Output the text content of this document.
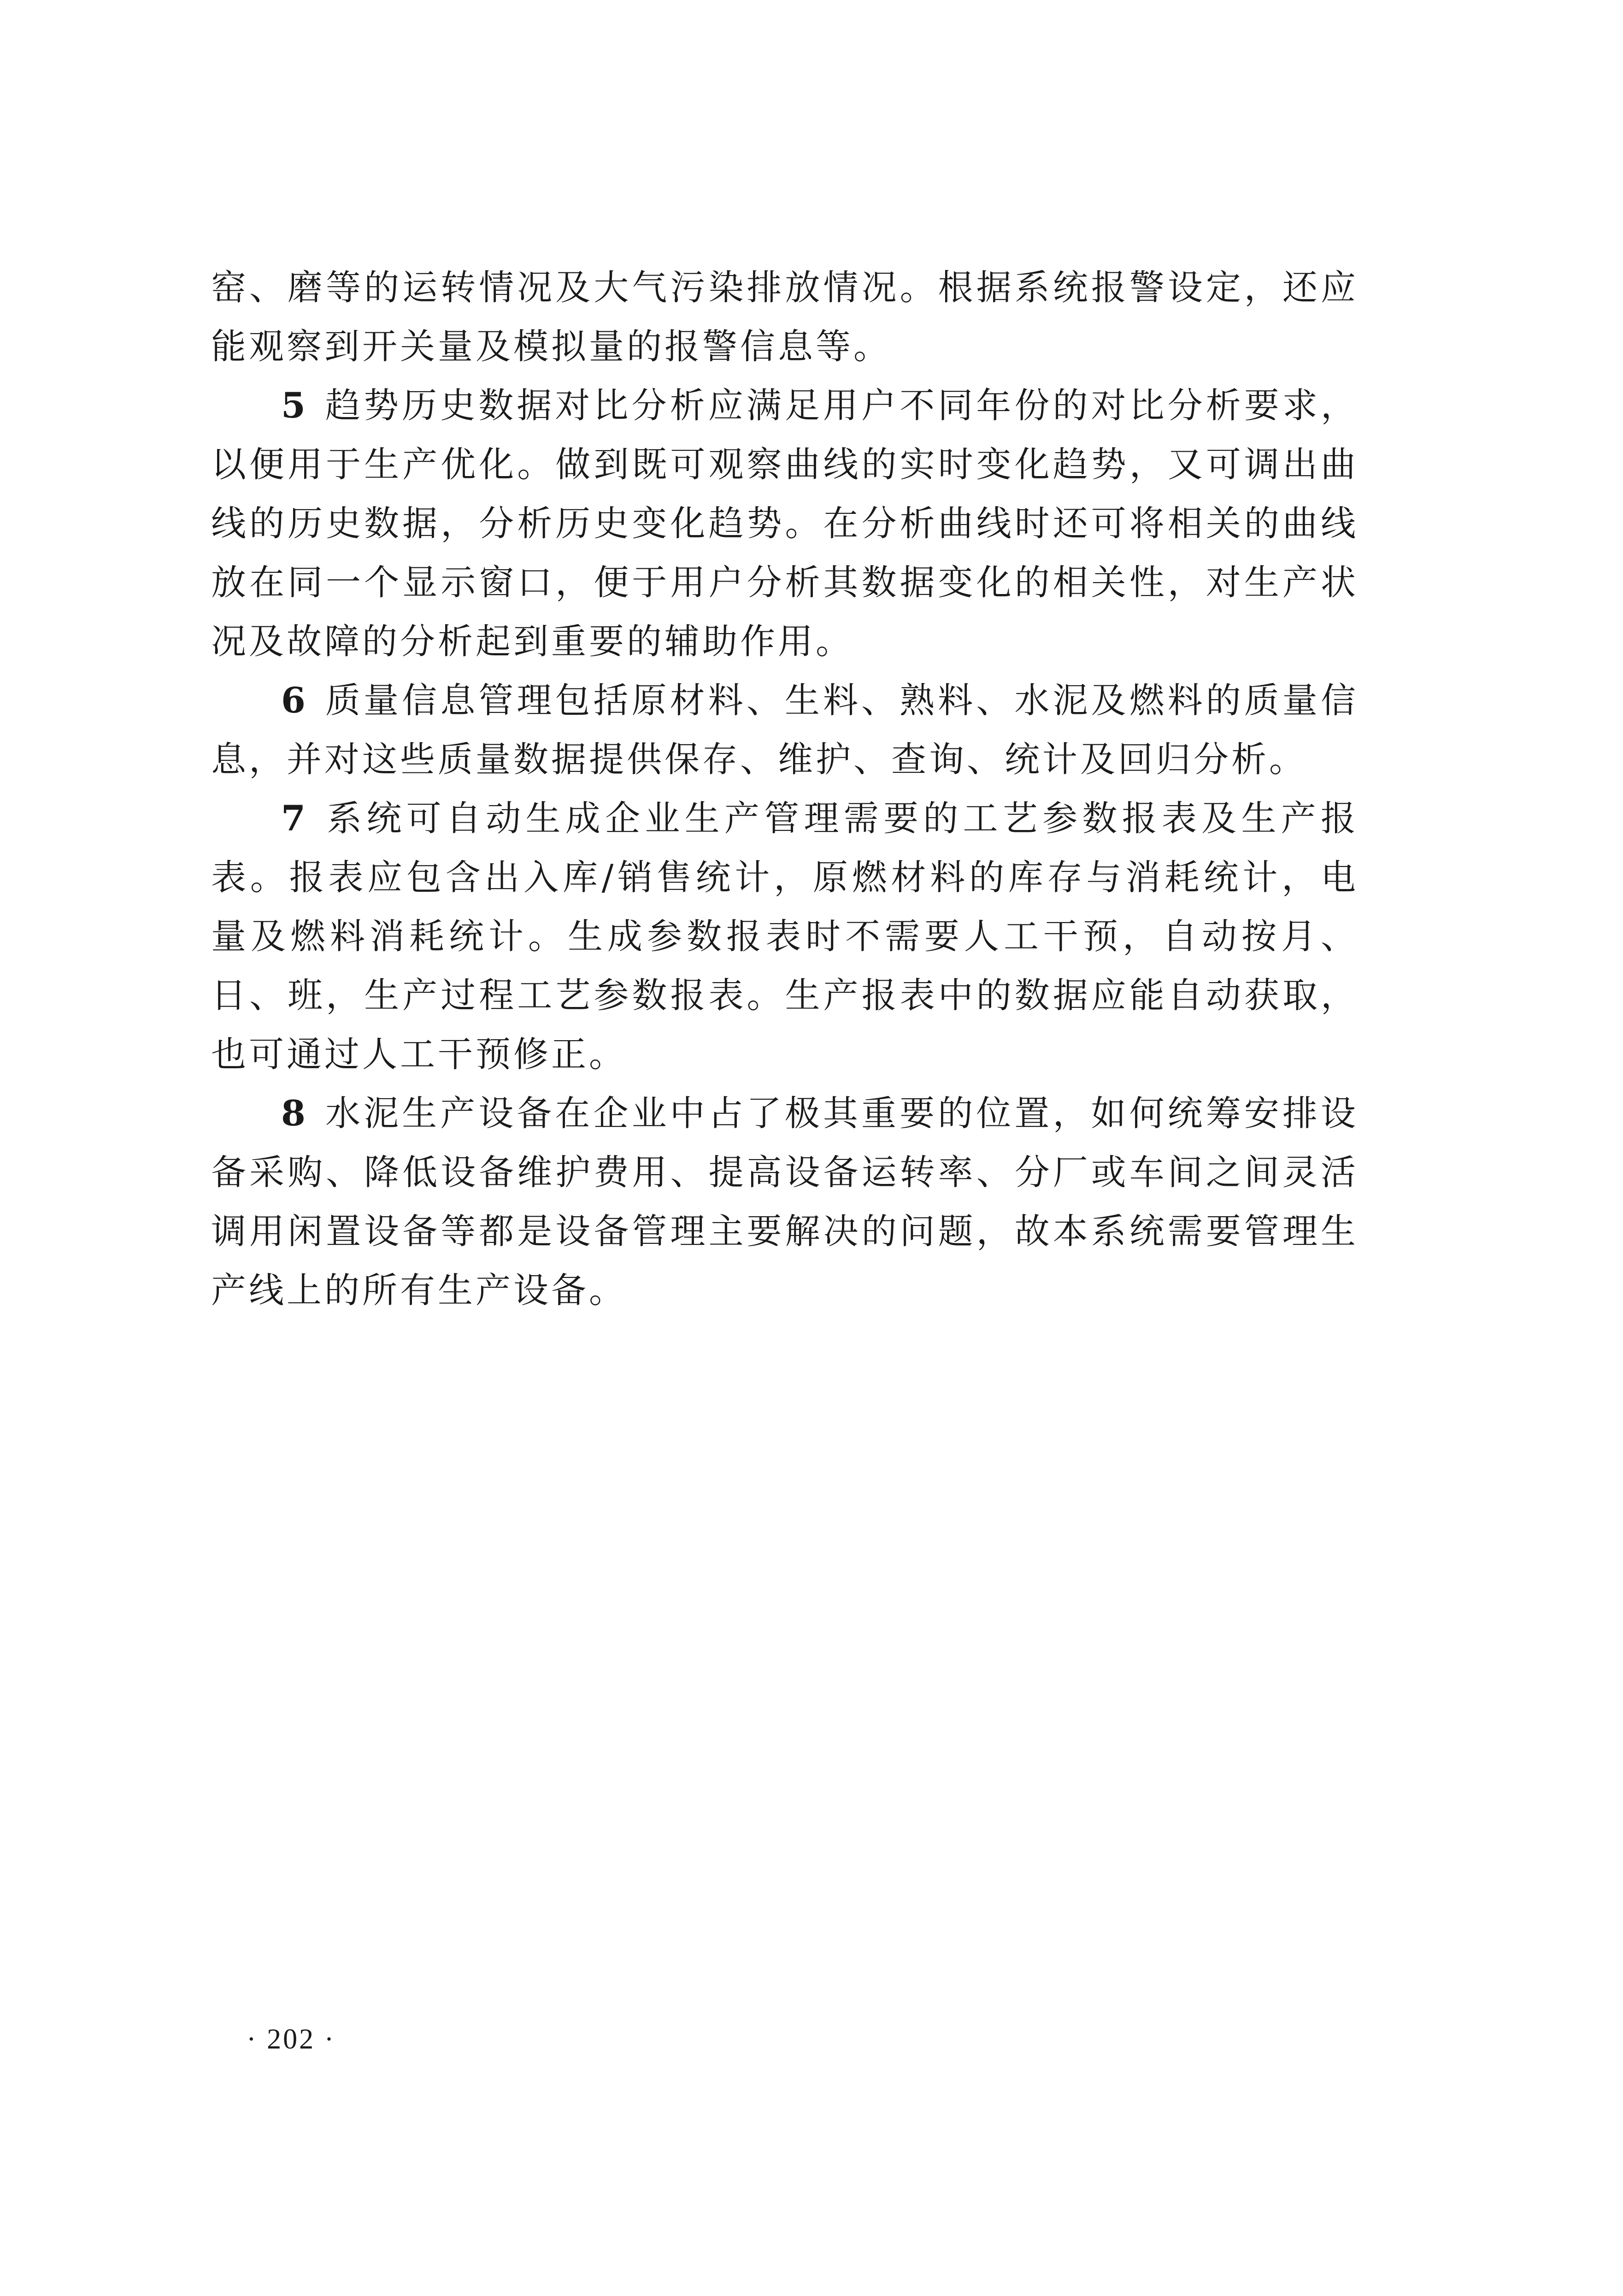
窑、磨等的运转情况及大气污染排放情况。根据系统报警设定，还应能观察到开关量及模拟量的报警信息等。

5 趋势历史数据对比分析应满足用户不同年份的对比分析要求，以便用于生产优化。做到既可观察曲线的实时变化趋势，又可调出曲线的历史数据，分析历史变化趋势。在分析曲线时还可将相关的曲线放在同一个显示窗口，便于用户分析其数据变化的相关性，对生产状况及故障的分析起到重要的辅助作用。

6 质量信息管理包括原材料、生料、熟料、水泥及燃料的质量信息，并对这些质量数据提供保存、维护、查询、统计及回归分析。

7 系统可自动生成企业生产管理需要的工艺参数报表及生产报表。报表应包含出入库/销售统计，原燃材料的库存与消耗统计，电量及燃料消耗统计。生成参数报表时不需要人工干预，自动按月、日、班，生产过程工艺参数报表。生产报表中的数据应能自动获取，也可通过人工干预修正。

8 水泥生产设备在企业中占了极其重要的位置，如何统筹安排设备采购、降低设备维护费用、提高设备运转率、分厂或车间之间灵活调用闲置设备等都是设备管理主要解决的问题，故本系统需要管理生产线上的所有生产设备。

· 202 ·
